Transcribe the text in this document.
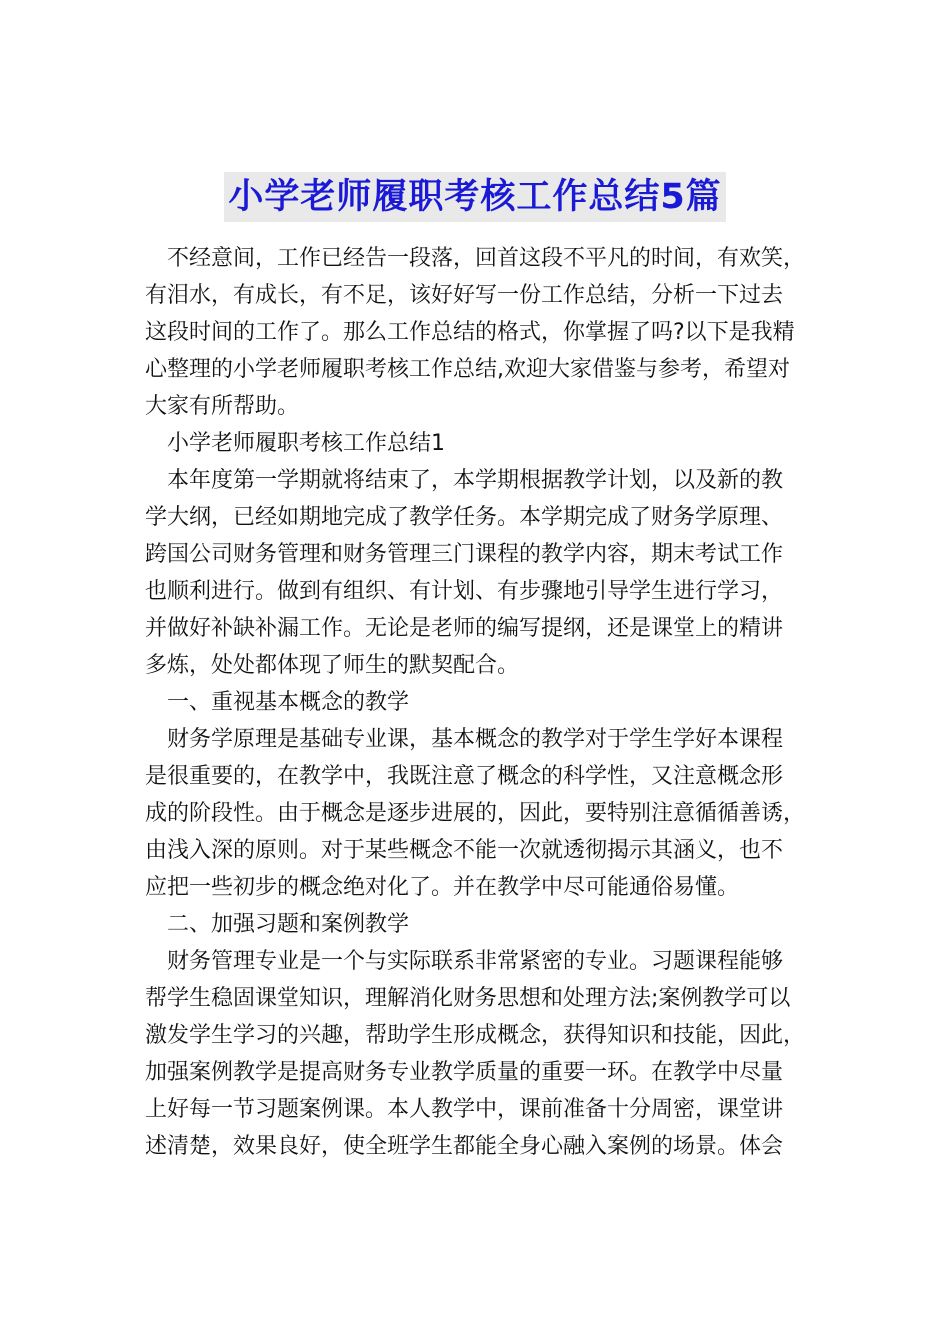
小学老师履职考核工作总结5篇
不经意间，工作已经告一段落，回首这段不平凡的时间，有欢笑，
有泪水，有成长，有不足，该好好写一份工作总结，分析一下过去
这段时间的工作了。那么工作总结的格式，你掌握了吗?以下是我精
心整理的小学老师履职考核工作总结,欢迎大家借鉴与参考，希望对
大家有所帮助。
小学老师履职考核工作总结1
本年度第一学期就将结束了，本学期根据教学计划，以及新的教
学大纲，已经如期地完成了教学任务。本学期完成了财务学原理、
跨国公司财务管理和财务管理三门课程的教学内容，期末考试工作
也顺利进行。做到有组织、有计划、有步骤地引导学生进行学习，
并做好补缺补漏工作。无论是老师的编写提纲，还是课堂上的精讲
多炼，处处都体现了师生的默契配合。
一、重视基本概念的教学
财务学原理是基础专业课，基本概念的教学对于学生学好本课程
是很重要的，在教学中，我既注意了概念的科学性，又注意概念形
成的阶段性。由于概念是逐步进展的，因此，要特别注意循循善诱，
由浅入深的原则。对于某些概念不能一次就透彻揭示其涵义，也不
应把一些初步的概念绝对化了。并在教学中尽可能通俗易懂。
二、加强习题和案例教学
财务管理专业是一个与实际联系非常紧密的专业。习题课程能够
帮学生稳固课堂知识，理解消化财务思想和处理方法;案例教学可以
激发学生学习的兴趣，帮助学生形成概念，获得知识和技能，因此，
加强案例教学是提高财务专业教学质量的重要一环。在教学中尽量
上好每一节习题案例课。本人教学中，课前准备十分周密，课堂讲
述清楚，效果良好，使全班学生都能全身心融入案例的场景。体会
